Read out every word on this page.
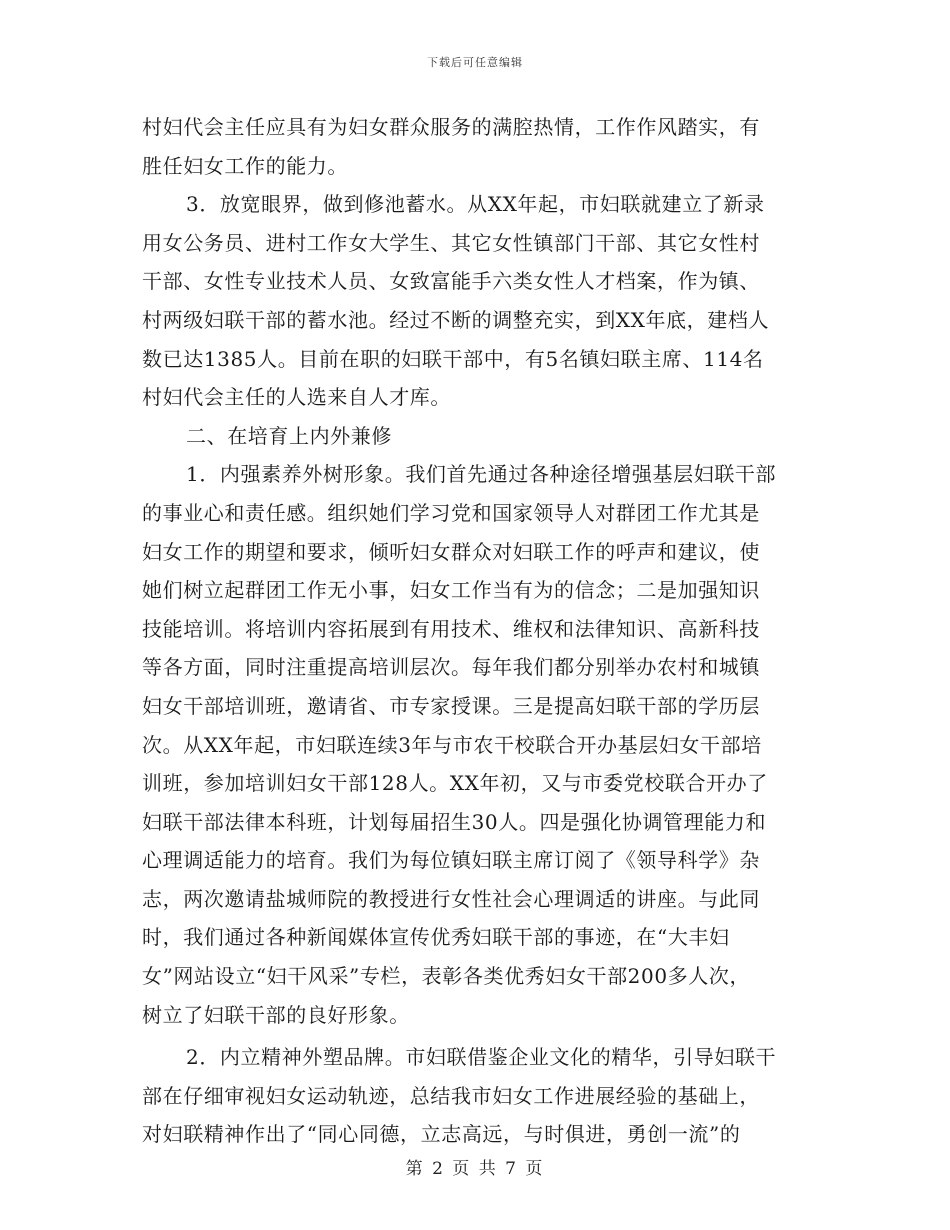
下载后可任意编辑
村妇代会主任应具有为妇女群众服务的满腔热情，工作作风踏实，有
胜任妇女工作的能力。
3．放宽眼界，做到修池蓄水。从XX年起，市妇联就建立了新录
用女公务员、进村工作女大学生、其它女性镇部门干部、其它女性村
干部、女性专业技术人员、女致富能手六类女性人才档案，作为镇、
村两级妇联干部的蓄水池。经过不断的调整充实，到XX年底，建档人
数已达1385人。目前在职的妇联干部中，有5名镇妇联主席、114名
村妇代会主任的人选来自人才库。
二、在培育上内外兼修
1．内强素养外树形象。我们首先通过各种途径增强基层妇联干部
的事业心和责任感。组织她们学习党和国家领导人对群团工作尤其是
妇女工作的期望和要求，倾听妇女群众对妇联工作的呼声和建议，使
她们树立起群团工作无小事，妇女工作当有为的信念；二是加强知识
技能培训。将培训内容拓展到有用技术、维权和法律知识、高新科技
等各方面，同时注重提高培训层次。每年我们都分别举办农村和城镇
妇女干部培训班，邀请省、市专家授课。三是提高妇联干部的学历层
次。从XX年起，市妇联连续3年与市农干校联合开办基层妇女干部培
训班，参加培训妇女干部128人。XX年初，又与市委党校联合开办了
妇联干部法律本科班，计划每届招生30人。四是强化协调管理能力和
心理调适能力的培育。我们为每位镇妇联主席订阅了《领导科学》杂
志，两次邀请盐城师院的教授进行女性社会心理调适的讲座。与此同
时，我们通过各种新闻媒体宣传优秀妇联干部的事迹，在“大丰妇
女”网站设立“妇干风采”专栏，表彰各类优秀妇女干部200多人次，
树立了妇联干部的良好形象。
2．内立精神外塑品牌。市妇联借鉴企业文化的精华，引导妇联干
部在仔细审视妇女运动轨迹，总结我市妇女工作进展经验的基础上，
对妇联精神作出了“同心同德，立志高远，与时俱进，勇创一流”的
第 2 页 共 7 页
